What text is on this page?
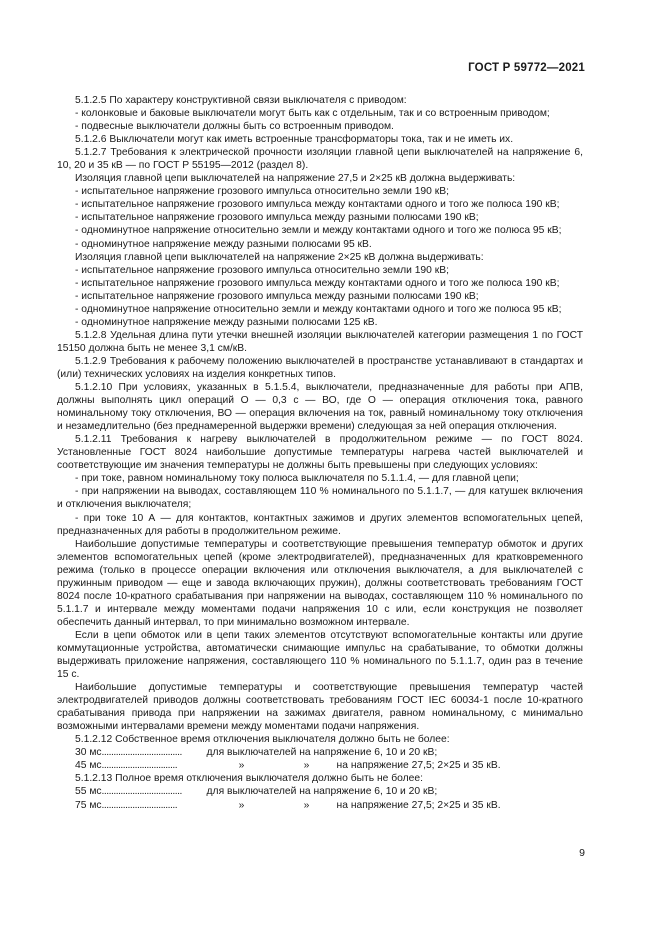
ГОСТ Р 59772—2021

5.1.2.5 По характеру конструктивной связи выключателя с приводом:

- колонковые и баковые выключатели могут быть как с отдельным, так и со встроенным приводом;

- подвесные выключатели должны быть со встроенным приводом.

5.1.2.6 Выключатели могут как иметь встроенные трансформаторы тока, так и не иметь их.

5.1.2.7 Требования к электрической прочности изоляции главной цепи выключателей на напряжение 6, 10, 20 и 35 кВ — по ГОСТ Р 55195—2012 (раздел 8).

Изоляция главной цепи выключателей на напряжение 27,5 и 2×25 кВ должна выдерживать:

- испытательное напряжение грозового импульса относительно земли 190 кВ;

- испытательное напряжение грозового импульса между контактами одного и того же полюса 190 кВ;

- испытательное напряжение грозового импульса между разными полюсами 190 кВ;

- одноминутное напряжение относительно земли и между контактами одного и того же полюса 95 кВ;

- одноминутное напряжение между разными полюсами 95 кВ.

Изоляция главной цепи выключателей на напряжение 2×25 кВ должна выдерживать:

- испытательное напряжение грозового импульса относительно земли 190 кВ;

- испытательное напряжение грозового импульса между контактами одного и того же полюса 190 кВ;

- испытательное напряжение грозового импульса между разными полюсами 190 кВ;

- одноминутное напряжение относительно земли и между контактами одного и того же полюса 95 кВ;

- одноминутное напряжение между разными полюсами 125 кВ.

5.1.2.8 Удельная длина пути утечки внешней изоляции выключателей категории размещения 1 по ГОСТ 15150 должна быть не менее 3,1 см/кВ.

5.1.2.9 Требования к рабочему положению выключателей в пространстве устанавливают в стандартах и (или) технических условиях на изделия конкретных типов.

5.1.2.10 При условиях, указанных в 5.1.5.4, выключатели, предназначенные для работы при АПВ, должны выполнять цикл операций О — 0,3 с — ВО, где О — операция отключения тока, равного номинальному току отключения, ВО — операция включения на ток, равный номинальному току отключения и незамедлительно (без преднамеренной выдержки времени) следующая за ней операция отключения.

5.1.2.11 Требования к нагреву выключателей в продолжительном режиме — по ГОСТ 8024. Установленные ГОСТ 8024 наибольшие допустимые температуры нагрева частей выключателей и соответствующие им значения температуры не должны быть превышены при следующих условиях:

- при токе, равном номинальному току полюса выключателя по 5.1.1.4, — для главной цепи;

- при напряжении на выводах, составляющем 110 % номинального по 5.1.1.7, — для катушек включения и отключения выключателя;

- при токе 10 А — для контактов, контактных зажимов и других элементов вспомогательных цепей, предназначенных для работы в продолжительном режиме.

Наибольшие допустимые температуры и соответствующие превышения температур обмоток и других элементов вспомогательных цепей (кроме электродвигателей), предназначенных для кратковременного режима (только в процессе операции включения или отключения выключателя, а для выключателей с пружинным приводом — еще и завода включающих пружин), должны соответствовать требованиям ГОСТ 8024 после 10-кратного срабатывания при напряжении на выводах, составляющем 110 % номинального по 5.1.1.7 и интервале между моментами подачи напряжения 10 с или, если конструкция не позволяет обеспечить данный интервал, то при минимально возможном интервале.

Если в цепи обмоток или в цепи таких элементов отсутствуют вспомогательные контакты или другие коммутационные устройства, автоматически снимающие импульс на срабатывание, то обмотки должны выдерживать приложение напряжения, составляющего 110 % номинального по 5.1.1.7, один раз в течение 15 с.

Наибольшие допустимые температуры и соответствующие превышения температур частей электродвигателей приводов должны соответствовать требованиям ГОСТ IEC 60034-1 после 10-кратного срабатывания привода при напряжении на зажимах двигателя, равном номинальному, с минимально возможными интервалами времени между моментами подачи напряжения.

5.1.2.12 Собственное время отключения выключателя должно быть не более:

30 мс ..................................	для выключателей на напряжение 6, 10 и 20 кВ;
45 мс ................................	»	»	на напряжение 27,5; 2×25 и 35 кВ.

5.1.2.13 Полное время отключения выключателя должно быть не более:

55 мс ..................................	для выключателей на напряжение 6, 10 и 20 кВ;
75 мс ................................	»	»	на напряжение 27,5; 2×25 и 35 кВ.
9
